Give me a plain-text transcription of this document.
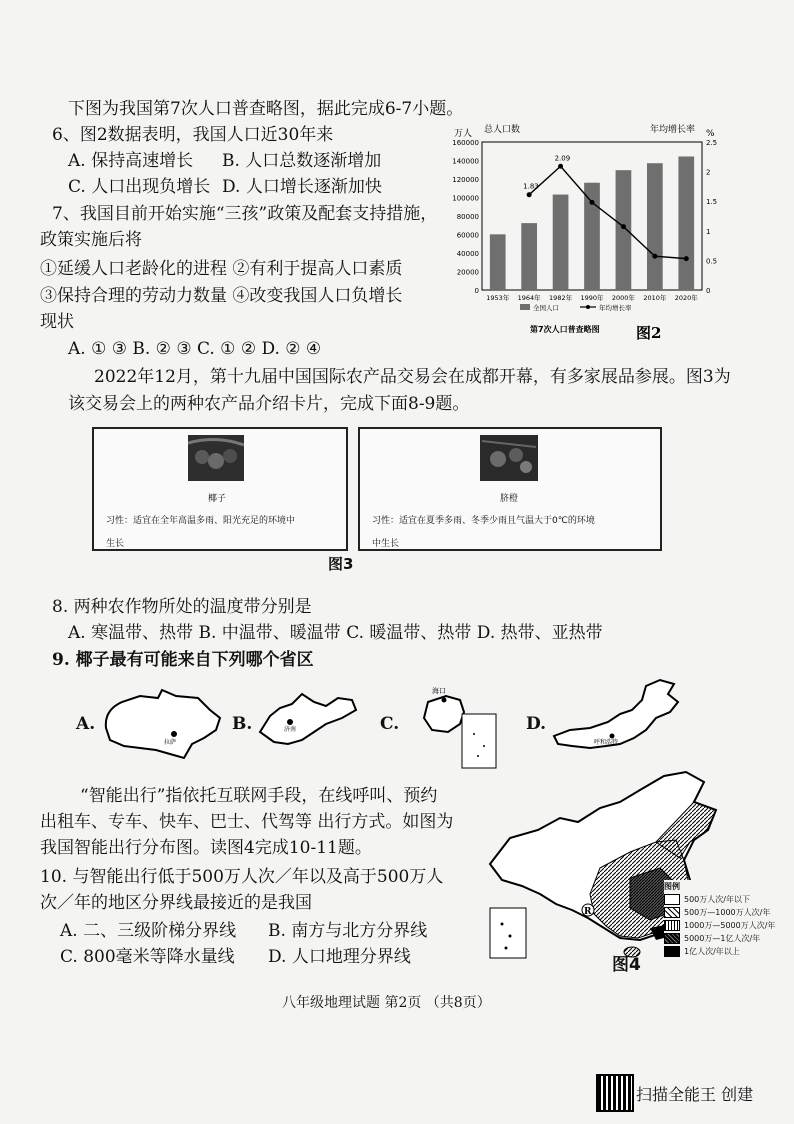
下图为我国第7次人口普查略图，据此完成6-7小题。
6、图2数据表明，我国人口近30年来
A. 保持高速增长 B. 人口总数逐渐增加
C. 人口出现负增长 D. 人口增长逐渐加快
7、我国目前开始实施“三孩”政策及配套支持措施，
政策实施后将
①延缓人口老龄化的进程 ②有利于提高人口素质
③保持合理的劳动力数量 ④改变我国人口负增长
现状
A. ① ③ B. ② ③ C. ① ② D. ② ④
万人 总人口数	年均增长率 %
0
20000
40000
60000
80000
100000
120000
140000
160000
0
0.5
1
1.5
2
2.5
1953年 1964年 1982年 1990年 2000年 2010年 2020年
1.83
2.09
全国人口	年均增长率
第7次人口普查略图 图2
2022年12月，第十九届中国国际农产品交易会在成都开幕，有多家展品参展。图3为
该交易会上的两种农产品介绍卡片，完成下面8-9题。
椰子
习性：适宜在全年高温多雨、阳光充足的环境中
生长
脐橙
习性：适宜在夏季多雨、冬季少雨且气温大于0℃的环境
中生长
图3
8. 两种农作物所处的温度带分别是
A. 寒温带、热带 B. 中温带、暖温带 C. 暖温带、热带 D. 热带、亚热带
9. 椰子最有可能来自下列哪个省区
A.	B.	C.	D.
拉萨
济南
海口
呼和浩特
“智能出行”指依托互联网手段，在线呼叫、预约
出租车、专车、快车、巴士、代驾等 出行方式。如图为
我国智能出行分布图。读图4完成10-11题。
10. 与智能出行低于500万人次／年以及高于500万人
次／年的地区分界线最接近的是我国
A. 二、三级阶梯分界线 B. 南方与北方分界线
C. 800毫米等降水量线 D. 人口地理分界线
R
图例
500万人次/年以下
500万—1000万人次/年
1000万—5000万人次/年
5000万—1亿人次/年
1亿人次/年以上
图4
八年级地理试题 第2页 （共8页）
扫描全能王 创建
